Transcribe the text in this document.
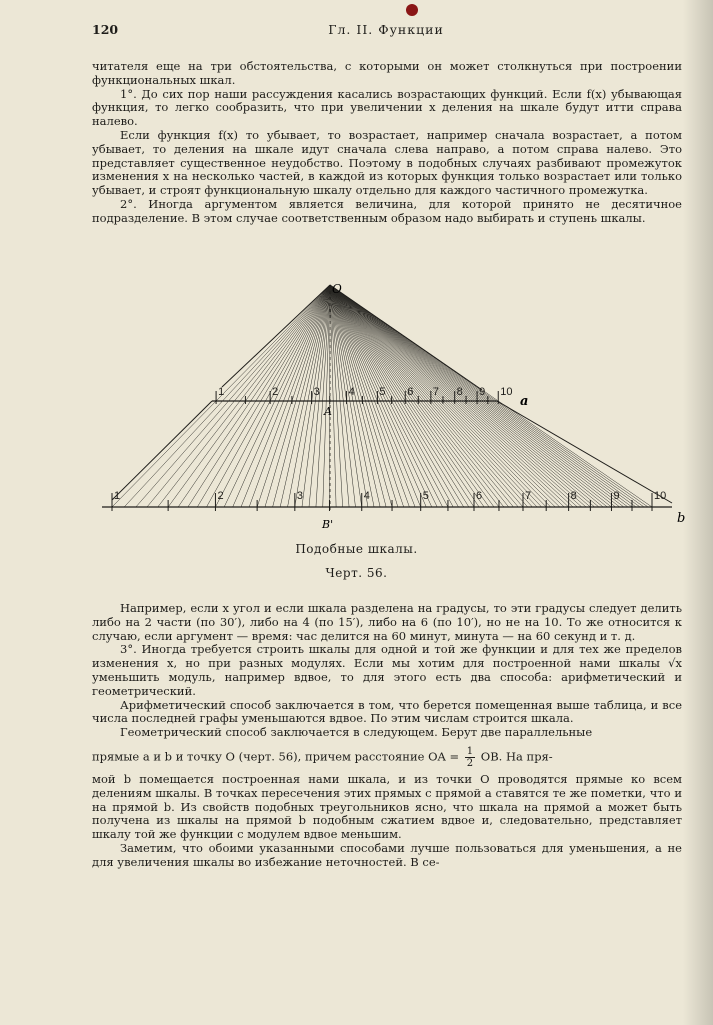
120	Гл. II. Функции

читателя еще на три обстоятельства, с которыми он может столкнуться при построении функциональных шкал.

1°. До сих пор наши рассуждения касались возрастающих функций. Если f(x) убывающая функция, то легко сообразить, что при увеличении x деления на шкале будут итти справа налево.

Если функция f(x) то убывает, то возрастает, например сначала возрастает, а потом убывает, то деления на шкале идут сначала слева направо, а потом справа налево. Это представляет существенное неудобство. Поэтому в подобных случаях разбивают промежуток изменения x на несколько частей, в каждой из которых функция только возрастает или только убывает, и строят функциональную шкалу отдельно для каждого частичного промежутка.

2°. Иногда аргументом является величина, для которой принято не десятичное подразделение. В этом случае соответственным образом надо выбирать и ступень шкалы.

1	2	3	4 5 6 7 8 9 10
1	2	3	4	5	6	7	8	9	10
O
A
B'
a
b
Подобные шкалы.
Черт. 56.

Например, если x угол и если шкала разделена на градусы, то эти градусы следует делить либо на 2 части (по 30′), либо на 4 (по 15′), либо на 6 (по 10′), но не на 10. То же относится к случаю, если аргумент — время: час делится на 60 минут, минута — на 60 секунд и т. д.

3°. Иногда требуется строить шкалы для одной и той же функции и для тех же пределов изменения x, но при разных модулях. Если мы хотим для построенной нами шкалы √x уменьшить модуль, например вдвое, то для этого есть два способа: арифметический и геометрический.

Арифметический способ заключается в том, что берется помещенная выше таблица, и все числа последней графы уменьшаются вдвое. По этим числам строится шкала.

Геометрический способ заключается в следующем. Берут две параллельные

прямые a и b и точку O (черт. 56), причем расстояние OA = $\frac{1}{2}$ OB. На пря-

мой b помещается построенная нами шкала, и из точки O проводятся прямые ко всем делениям шкалы. В точках пересечения этих прямых с прямой a ставятся те же пометки, что и на прямой b. Из свойств подобных треугольников ясно, что шкала на прямой a может быть получена из шкалы на прямой b подобным сжатием вдвое и, следовательно, представляет шкалу той же функции с модулем вдвое меньшим.

Заметим, что обоими указанными способами лучше пользоваться для уменьшения, а не для увеличения шкалы во избежание неточностей. В се-
